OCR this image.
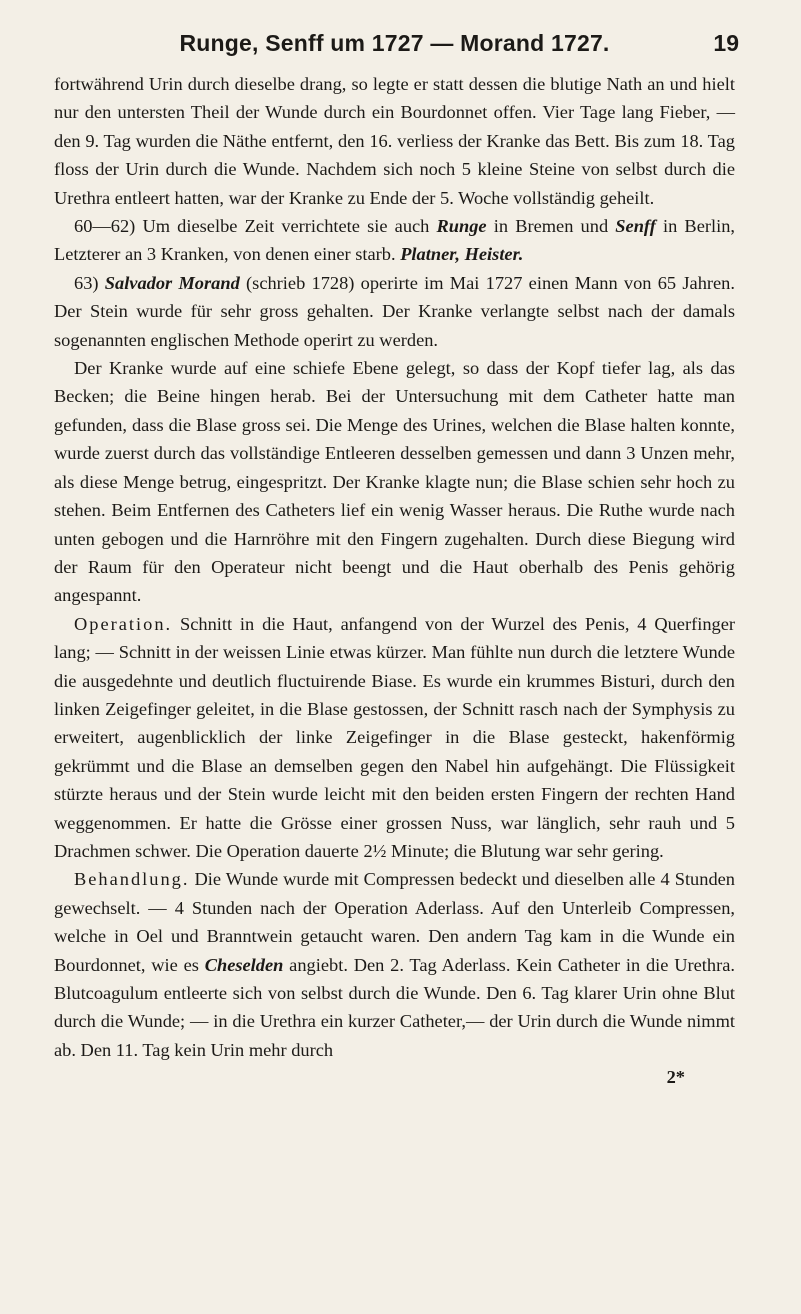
Runge, Senff um 1727 — Morand 1727.	19

fortwährend Urin durch dieselbe drang, so legte er statt dessen die blutige Nath an und hielt nur den untersten Theil der Wunde durch ein Bourdonnet offen. Vier Tage lang Fieber, — den 9. Tag wurden die Näthe entfernt, den 16. verliess der Kranke das Bett. Bis zum 18. Tag floss der Urin durch die Wunde. Nachdem sich noch 5 kleine Steine von selbst durch die Urethra entleert hatten, war der Kranke zu Ende der 5. Woche vollständig geheilt.

60—62) Um dieselbe Zeit verrichtete sie auch Runge in Bremen und Senff in Berlin, Letzterer an 3 Kranken, von denen einer starb. Platner, Heister.

63) Salvador Morand (schrieb 1728) operirte im Mai 1727 einen Mann von 65 Jahren. Der Stein wurde für sehr gross gehalten. Der Kranke verlangte selbst nach der damals sogenannten englischen Methode operirt zu werden.

Der Kranke wurde auf eine schiefe Ebene gelegt, so dass der Kopf tiefer lag, als das Becken; die Beine hingen herab. Bei der Untersuchung mit dem Catheter hatte man gefunden, dass die Blase gross sei. Die Menge des Urines, welchen die Blase halten konnte, wurde zuerst durch das vollständige Entleeren desselben gemessen und dann 3 Unzen mehr, als diese Menge betrug, eingespritzt. Der Kranke klagte nun; die Blase schien sehr hoch zu stehen. Beim Entfernen des Catheters lief ein wenig Wasser heraus. Die Ruthe wurde nach unten gebogen und die Harnröhre mit den Fingern zugehalten. Durch diese Biegung wird der Raum für den Operateur nicht beengt und die Haut oberhalb des Penis gehörig angespannt.

Operation. Schnitt in die Haut, anfangend von der Wurzel des Penis, 4 Querfinger lang; — Schnitt in der weissen Linie etwas kürzer. Man fühlte nun durch die letztere Wunde die ausgedehnte und deutlich fluctuirende Biase. Es wurde ein krummes Bisturi, durch den linken Zeigefinger geleitet, in die Blase gestossen, der Schnitt rasch nach der Symphysis zu erweitert, augenblicklich der linke Zeigefinger in die Blase gesteckt, hakenförmig gekrümmt und die Blase an demselben gegen den Nabel hin aufgehängt. Die Flüssigkeit stürzte heraus und der Stein wurde leicht mit den beiden ersten Fingern der rechten Hand weggenommen. Er hatte die Grösse einer grossen Nuss, war länglich, sehr rauh und 5 Drachmen schwer. Die Operation dauerte 2½ Minute; die Blutung war sehr gering.

Behandlung. Die Wunde wurde mit Compressen bedeckt und dieselben alle 4 Stunden gewechselt. — 4 Stunden nach der Operation Aderlass. Auf den Unterleib Compressen, welche in Oel und Branntwein getaucht waren. Den andern Tag kam in die Wunde ein Bourdonnet, wie es Cheselden angiebt. Den 2. Tag Aderlass. Kein Catheter in die Urethra. Blutcoagulum entleerte sich von selbst durch die Wunde. Den 6. Tag klarer Urin ohne Blut durch die Wunde; — in die Urethra ein kurzer Catheter,— der Urin durch die Wunde nimmt ab. Den 11. Tag kein Urin mehr durch

2*
